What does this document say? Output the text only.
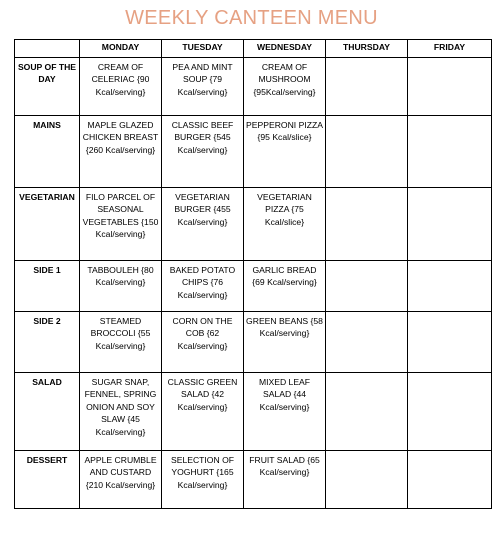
WEEKLY CANTEEN MENU
	MONDAY	TUESDAY	WEDNESDAY	THURSDAY	FRIDAY
SOUP OF THE DAY	CREAM OF CELERIAC {90 Kcal/serving}	PEA AND MINT SOUP {79 Kcal/serving}	CREAM OF MUSHROOM {95Kcal/serving}		
MAINS	MAPLE GLAZED CHICKEN BREAST {260 Kcal/serving}	CLASSIC BEEF BURGER {545 Kcal/serving}	PEPPERONI PIZZA {95 Kcal/slice}		
VEGETARIAN	FILO PARCEL OF SEASONAL VEGETABLES {150 Kcal/serving}	VEGETARIAN BURGER {455 Kcal/serving}	VEGETARIAN PIZZA {75 Kcal/slice}		
SIDE 1	TABBOULEH {80 Kcal/serving}	BAKED POTATO CHIPS {76 Kcal/serving}	GARLIC BREAD {69 Kcal/serving}		
SIDE 2	STEAMED BROCCOLI {55 Kcal/serving}	CORN ON THE COB {62 Kcal/serving}	GREEN BEANS {58 Kcal/serving}		
SALAD	SUGAR SNAP, FENNEL, SPRING ONION AND SOY SLAW {45 Kcal/serving}	CLASSIC GREEN SALAD {42 Kcal/serving}	MIXED LEAF SALAD {44 Kcal/serving}		
DESSERT	APPLE CRUMBLE AND CUSTARD {210 Kcal/serving}	SELECTION OF YOGHURT {165 Kcal/serving}	FRUIT SALAD {65 Kcal/serving}		
